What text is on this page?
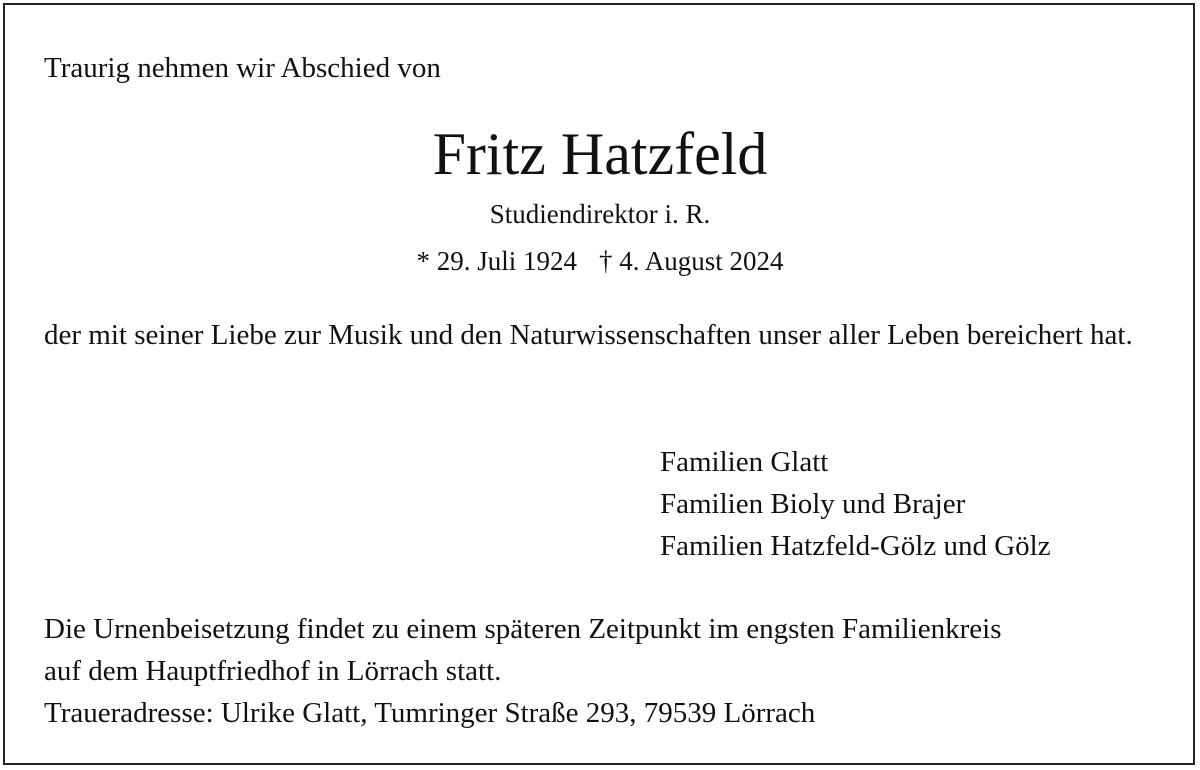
Traurig nehmen wir Abschied von
Fritz Hatzfeld
Studiendirektor i. R.
* 29. Juli 1924 † 4. August 2024
der mit seiner Liebe zur Musik und den Naturwissenschaften unser aller Leben bereichert hat.
Familien Glatt
Familien Bioly und Brajer
Familien Hatzfeld-Gölz und Gölz
Die Urnenbeisetzung findet zu einem späteren Zeitpunkt im engsten Familienkreis
auf dem Hauptfriedhof in Lörrach statt.
Traueradresse: Ulrike Glatt, Tumringer Straße 293, 79539 Lörrach
